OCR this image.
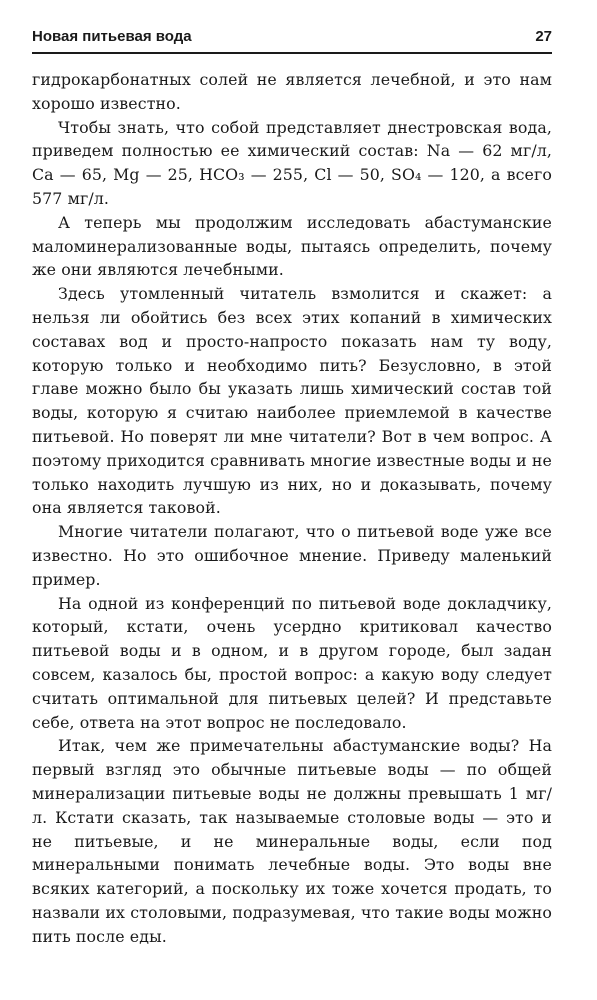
Новая питьевая вода	27

гидрокарбонатных солей не является лечебной, и это нам хорошо известно.

Чтобы знать, что собой представляет днестровская вода, приведем полностью ее химический состав: Na — 62 мг/л, Ca — 65, Mg — 25, HCO₃ — 255, Cl — 50, SO₄ — 120, а всего 577 мг/л.

А теперь мы продолжим исследовать абастуманские маломинерализованные воды, пытаясь определить, почему же они являются лечебными.

Здесь утомленный читатель взмолится и скажет: а нельзя ли обойтись без всех этих копаний в химических составах вод и просто-напросто показать нам ту воду, которую только и необходимо пить? Безусловно, в этой главе можно было бы указать лишь химический состав той воды, которую я считаю наиболее приемлемой в качестве питьевой. Но поверят ли мне читатели? Вот в чем вопрос. А поэтому приходится сравнивать многие известные воды и не только находить лучшую из них, но и доказывать, почему она является таковой.

Многие читатели полагают, что о питьевой воде уже все известно. Но это ошибочное мнение. Приведу маленький пример.

На одной из конференций по питьевой воде докладчику, который, кстати, очень усердно критиковал качество питьевой воды и в одном, и в другом городе, был задан совсем, казалось бы, простой вопрос: а какую воду следует считать оптимальной для питьевых целей? И представьте себе, ответа на этот вопрос не последовало.

Итак, чем же примечательны абастуманские воды? На первый взгляд это обычные питьевые воды — по общей минерализации питьевые воды не должны превышать 1 мг/л. Кстати сказать, так называемые столовые воды — это и не питьевые, и не минеральные воды, если под минеральными понимать лечебные воды. Это воды вне всяких категорий, а поскольку их тоже хочется продать, то назвали их столовыми, подразумевая, что такие воды можно пить после еды.
